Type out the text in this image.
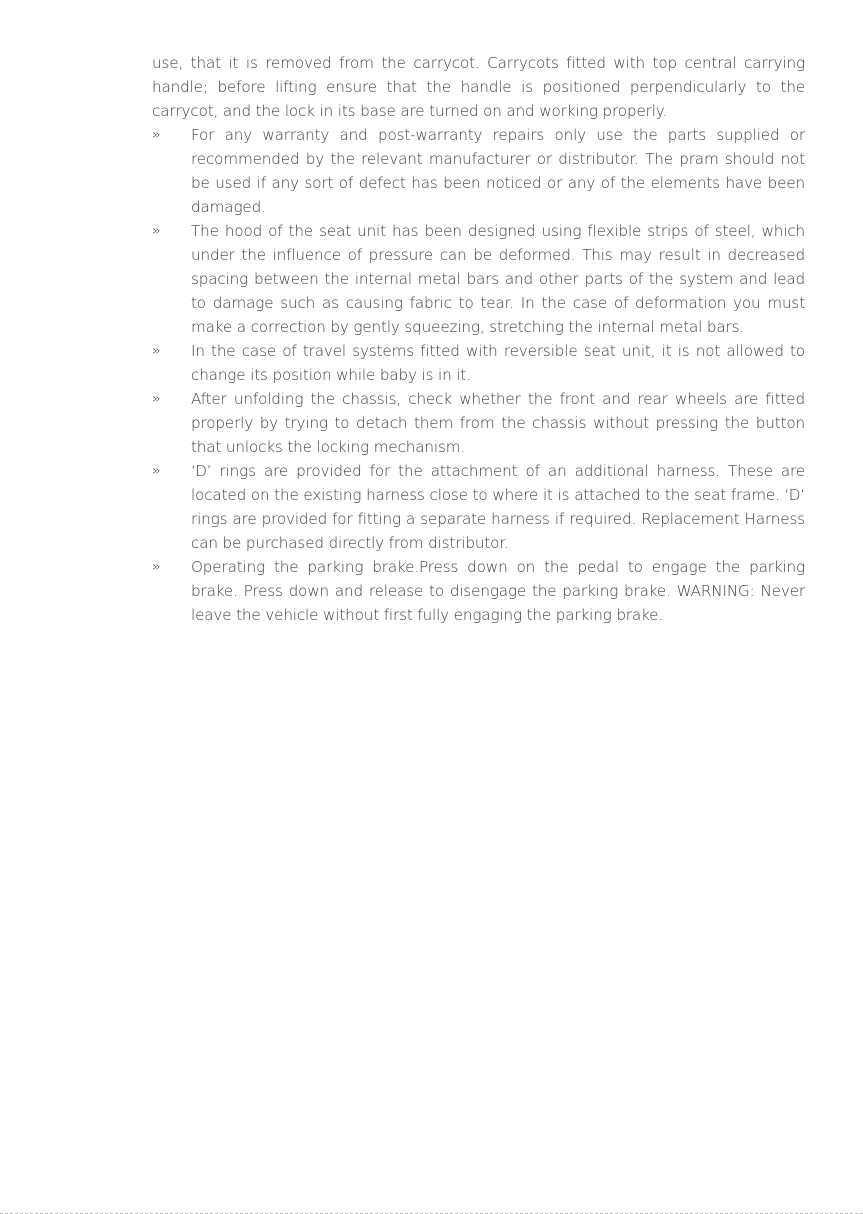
use, that it is removed from the carrycot. Carrycots fitted with top central carrying handle; before lifting ensure that the handle is positioned perpendicularly to the carrycot, and the lock in its base are turned on and working properly.

»	For any warranty and post-warranty repairs only use the parts supplied or recommended by the relevant manufacturer or distributor. The pram should not be used if any sort of defect has been noticed or any of the elements have been damaged.
»	The hood of the seat unit has been designed using flexible strips of steel, which under the influence of pressure can be deformed. This may result in decreased spacing between the internal metal bars and other parts of the system and lead to damage such as causing fabric to tear. In the case of deformation you must make a correction by gently squeezing, stretching the internal metal bars.
»	In the case of travel systems fitted with reversible seat unit, it is not allowed to change its position while baby is in it.
»	After unfolding the chassis, check whether the front and rear wheels are fitted properly by trying to detach them from the chassis without pressing the button that unlocks the locking mechanism.
»	‘D’ rings are provided for the attachment of an additional harness. These are located on the existing harness close to where it is attached to the seat frame. ‘D’ rings are provided for fitting a separate harness if required. Replacement Harness can be purchased directly from distributor.
»	Operating the parking brake.Press down on the pedal to engage the parking brake. Press down and release to disengage the parking brake. WARNING: Never leave the vehicle without first fully engaging the parking brake.
